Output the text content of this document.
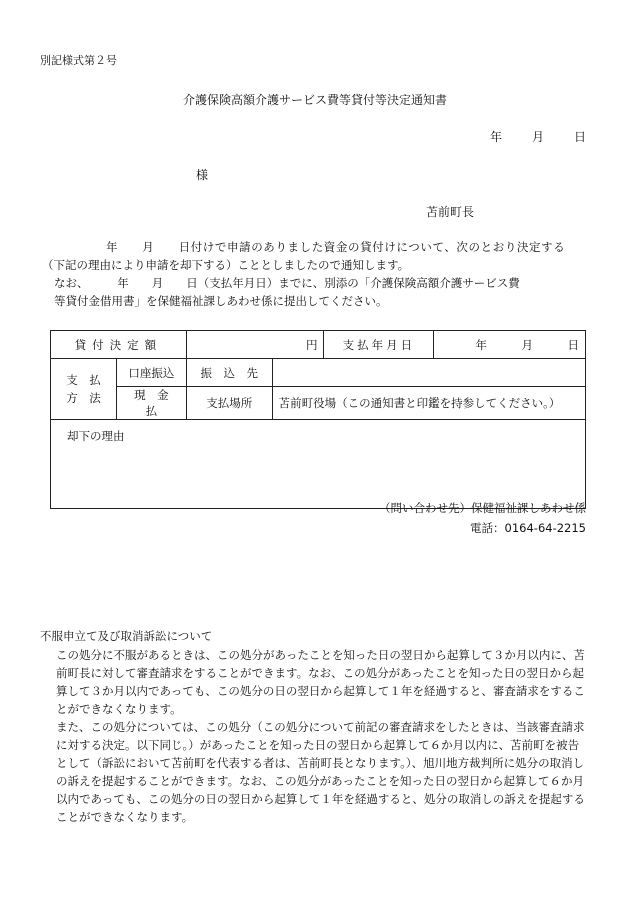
別記様式第２号
介護保険高額介護サービス費等貸付等決定通知書
年	月	日
様
苫前町長
年　　月　　日付けで申請のありました資金の貸付けについて、次のとおり決定する
（下記の理由により申請を却下する）こととしましたので通知します。
なお、　　　年　　月　　日（支払年月日）までに、別添の「介護保険高額介護サービス費
等貸付金借用書」を保健福祉課しあわせ係に提出してください。
貸付決定額		円		支払年月日	年　　　月　　　日

支　払
方　法	口座振込	振　込　先			
	現　金　払	支払場所	苫前町役場（この通知書と印鑑を持参してください。）		
却下の理由					
（問い合わせ先）保健福祉課しあわせ係
電話：0164-64-2215
不服申立て及び取消訴訟について

この処分に不服があるときは、この処分があったことを知った日の翌日から起算して３か月以内に、苫前町長に対して審査請求をすることができます。なお、この処分があったことを知った日の翌日から起算して３か月以内であっても、この処分の日の翌日から起算して１年を経過すると、審査請求をすることができなくなります。

また、この処分については、この処分（この処分について前記の審査請求をしたときは、当該審査請求に対する決定。以下同じ。）があったことを知った日の翌日から起算して６か月以内に、苫前町を被告として（訴訟において苫前町を代表する者は、苫前町長となります。）、旭川地方裁判所に処分の取消しの訴えを提起することができます。なお、この処分があったことを知った日の翌日から起算して６か月以内であっても、この処分の日の翌日から起算して１年を経過すると、処分の取消しの訴えを提起することができなくなります。
